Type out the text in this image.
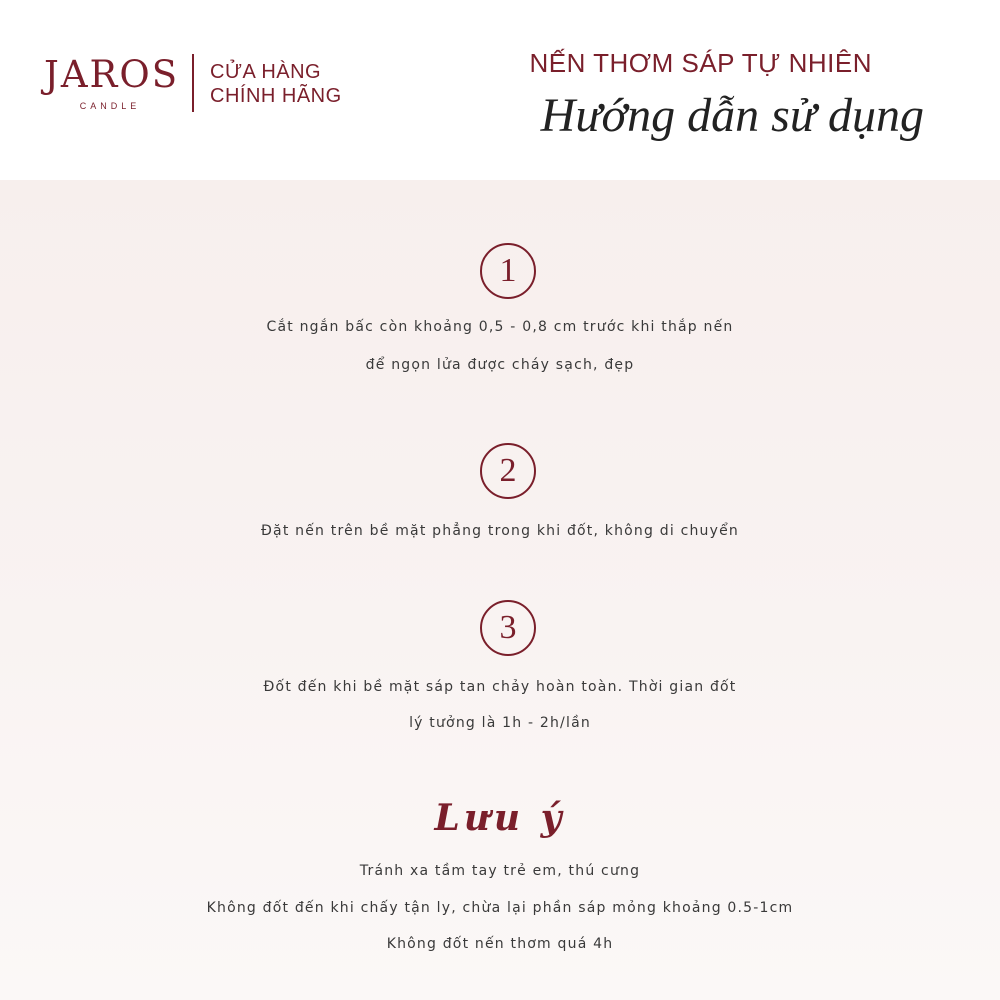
JAROS
CANDLE
CỬA HÀNG
CHÍNH HÃNG
NẾN THƠM SÁP TỰ NHIÊN
Hướng dẫn sử dụng
1
Cắt ngắn bấc còn khoảng 0,5 - 0,8 cm trước khi thắp nến
để ngọn lửa được cháy sạch, đẹp
2
Đặt nến trên bề mặt phẳng trong khi đốt, không di chuyển
3
Đốt đến khi bề mặt sáp tan chảy hoàn toàn. Thời gian đốt
lý tưởng là 1h - 2h/lần
Lưu ý
Tránh xa tầm tay trẻ em, thú cưng
Không đốt đến khi chấy tận ly, chừa lại phần sáp mỏng khoảng 0.5-1cm
Không đốt nến thơm quá 4h
